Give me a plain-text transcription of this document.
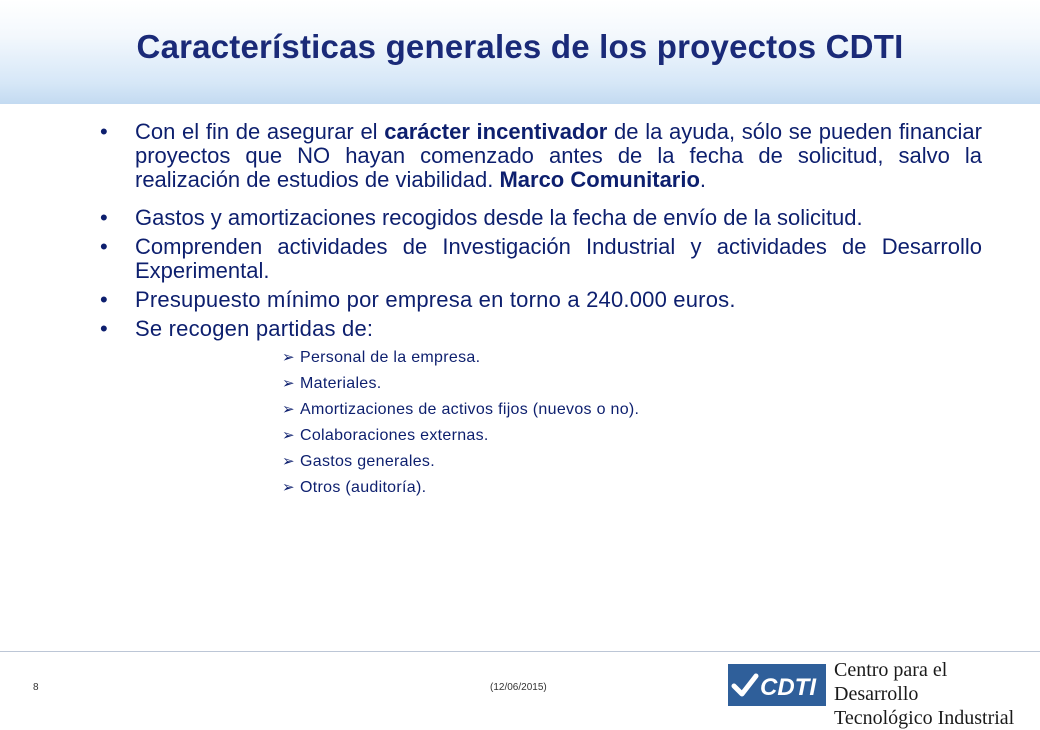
Características generales de los proyectos CDTI
•	Con el fin de asegurar el carácter incentivador de la ayuda, sólo se pueden financiar proyectos que NO hayan comenzado antes de la fecha de solicitud, salvo la realización de estudios de viabilidad. Marco Comunitario.
•	Gastos y amortizaciones recogidos desde la fecha de envío de la solicitud.
•	Comprenden actividades de Investigación Industrial y actividades de Desarrollo Experimental.
•	Presupuesto mínimo por empresa en torno a 240.000 euros.
•	Se recogen partidas de:
➢ Personal de la empresa.
➢ Materiales.
➢ Amortizaciones de activos fijos (nuevos o no).
➢ Colaboraciones externas.
➢ Gastos generales.
➢ Otros (auditoría).
8	(12/06/2015)	CDTI
Centro para el Desarrollo
Tecnológico Industrial
